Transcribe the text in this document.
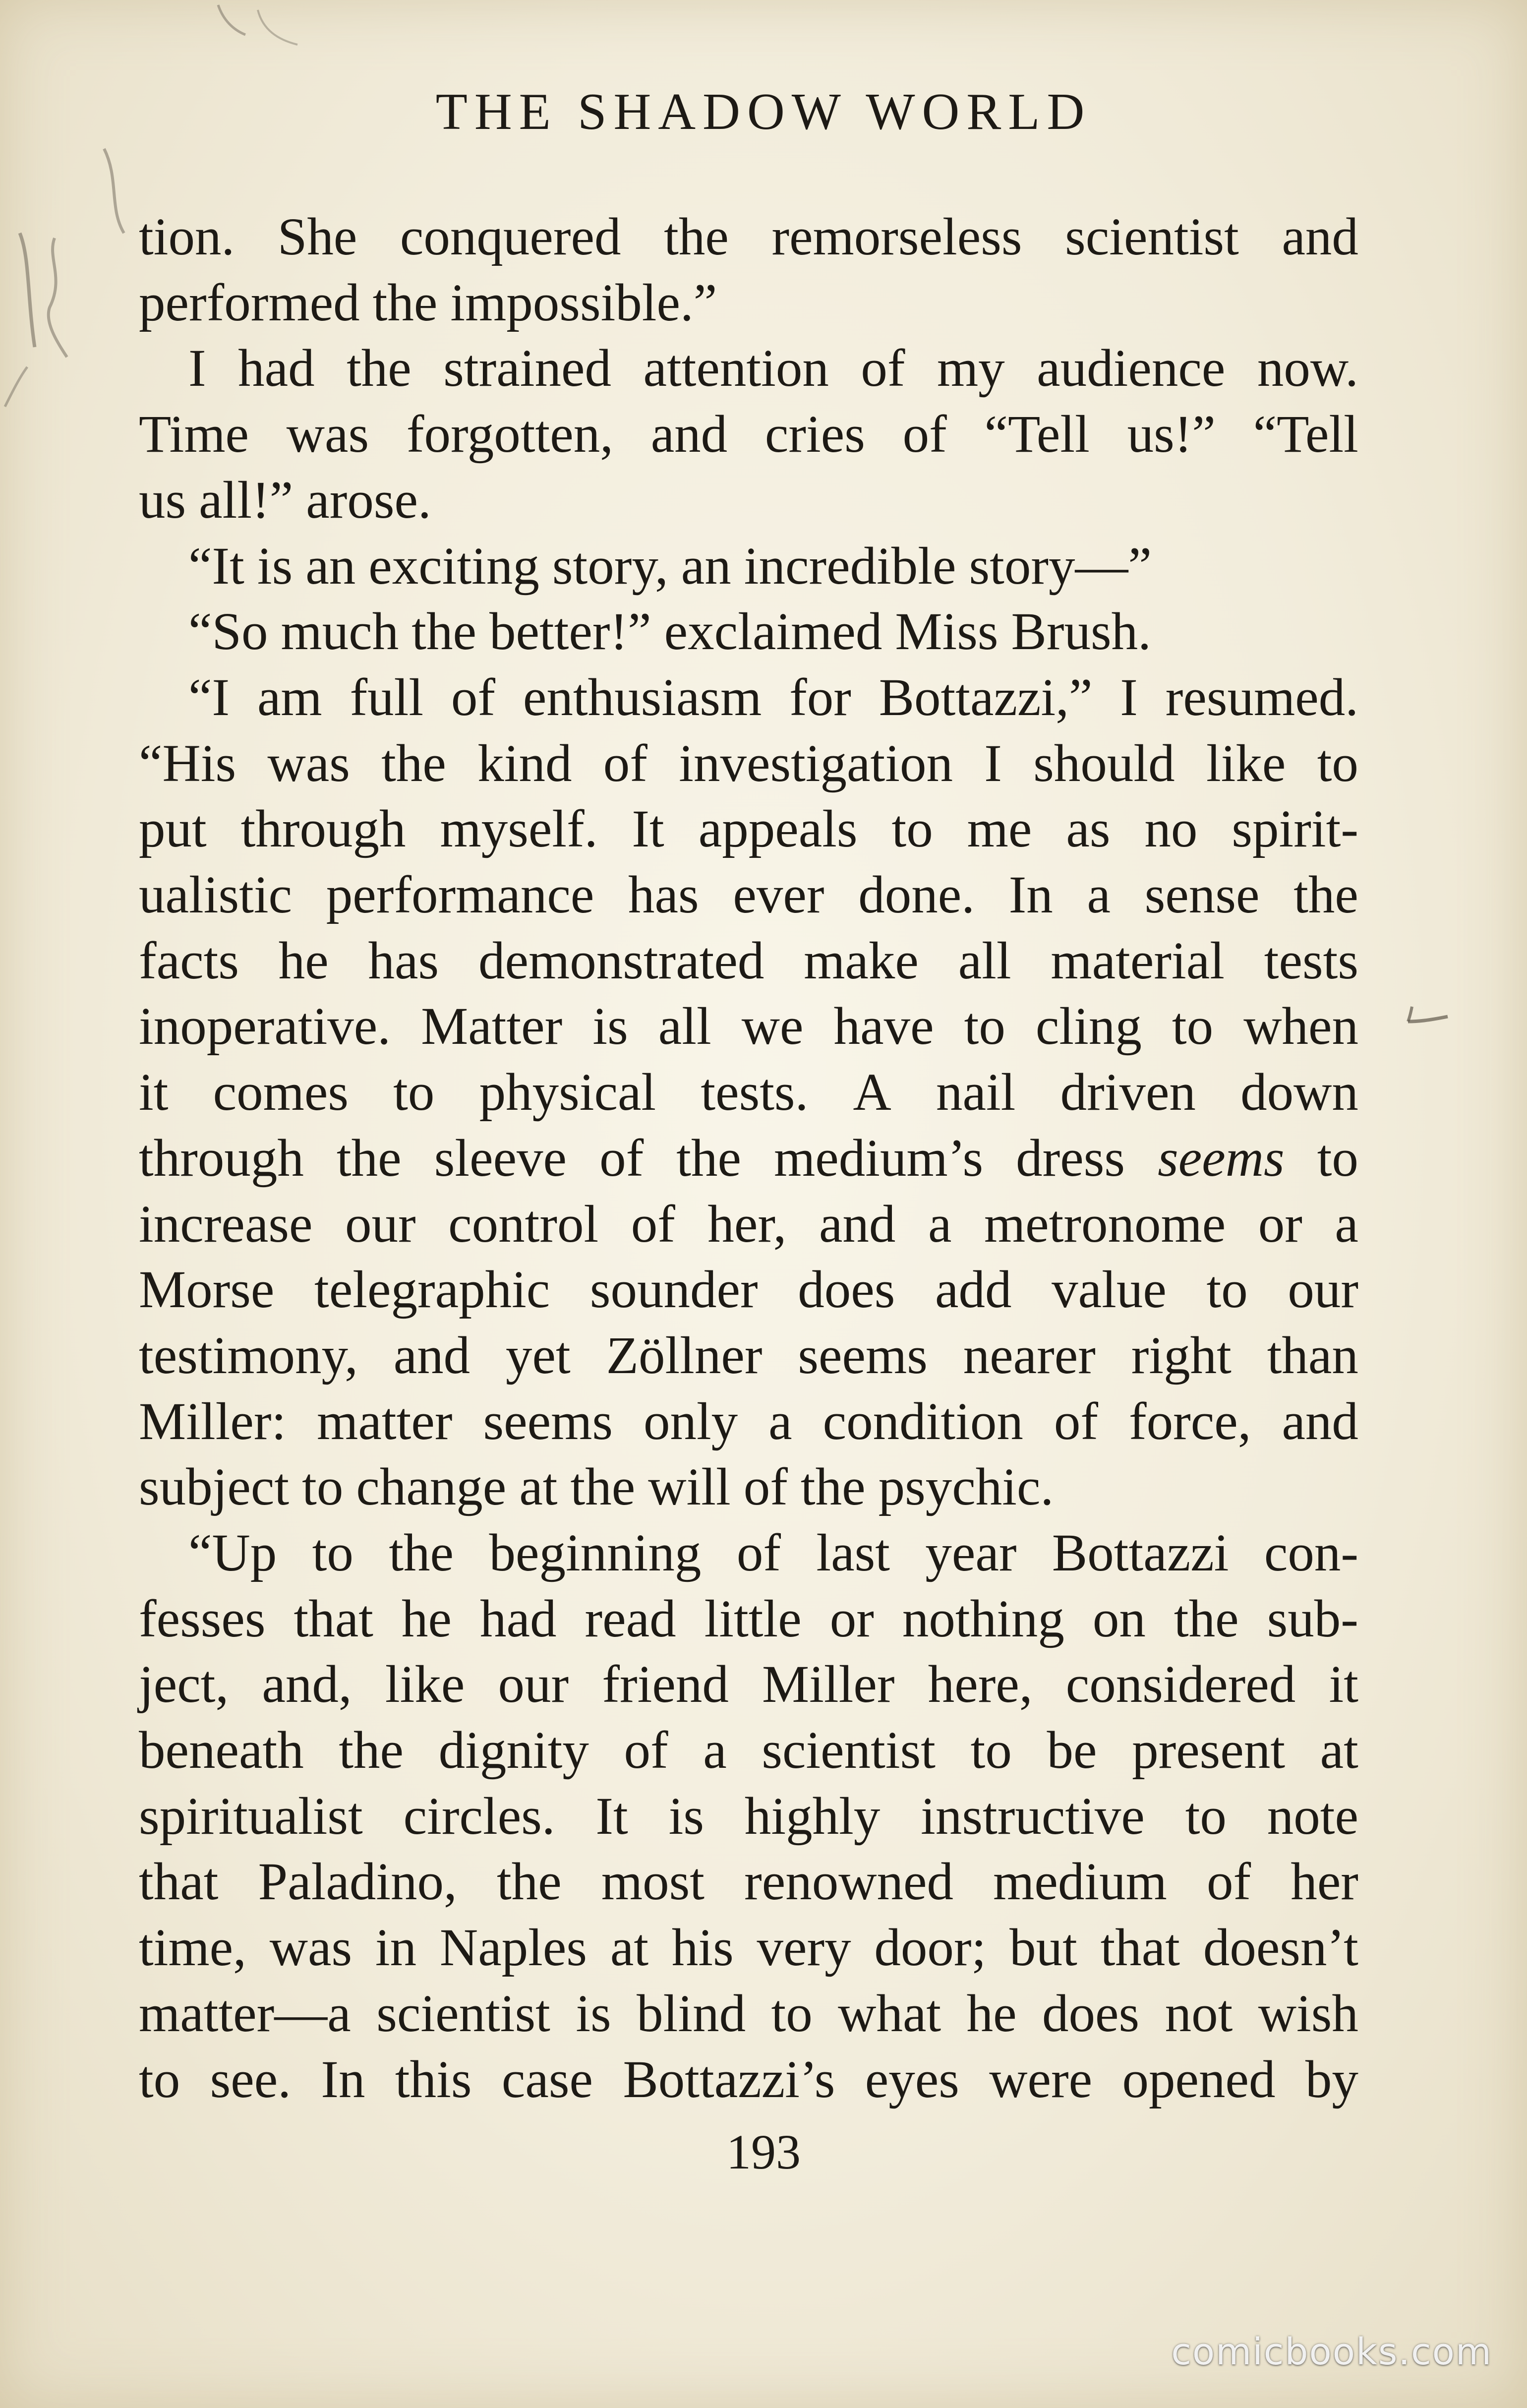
THE SHADOW WORLD
tion. She conquered the remorseless scientist and
performed the impossible.”
I had the strained attention of my audience now.
Time was forgotten, and cries of “Tell us!” “Tell
us all!” arose.
“It is an exciting story, an incredible story—”
“So much the better!” exclaimed Miss Brush.
“I am full of enthusiasm for Bottazzi,” I resumed.
“His was the kind of investigation I should like to
put through myself. It appeals to me as no spirit-
ualistic performance has ever done. In a sense the
facts he has demonstrated make all material tests
inoperative. Matter is all we have to cling to when
it comes to physical tests. A nail driven down
through the sleeve of the medium’s dress seems to
increase our control of her, and a metronome or a
Morse telegraphic sounder does add value to our
testimony, and yet Zöllner seems nearer right than
Miller: matter seems only a condition of force, and
subject to change at the will of the psychic.
“Up to the beginning of last year Bottazzi con-
fesses that he had read little or nothing on the sub-
ject, and, like our friend Miller here, considered it
beneath the dignity of a scientist to be present at
spiritualist circles. It is highly instructive to note
that Paladino, the most renowned medium of her
time, was in Naples at his very door; but that doesn’t
matter—a scientist is blind to what he does not wish
to see. In this case Bottazzi’s eyes were opened by
193
comicbooks.com
